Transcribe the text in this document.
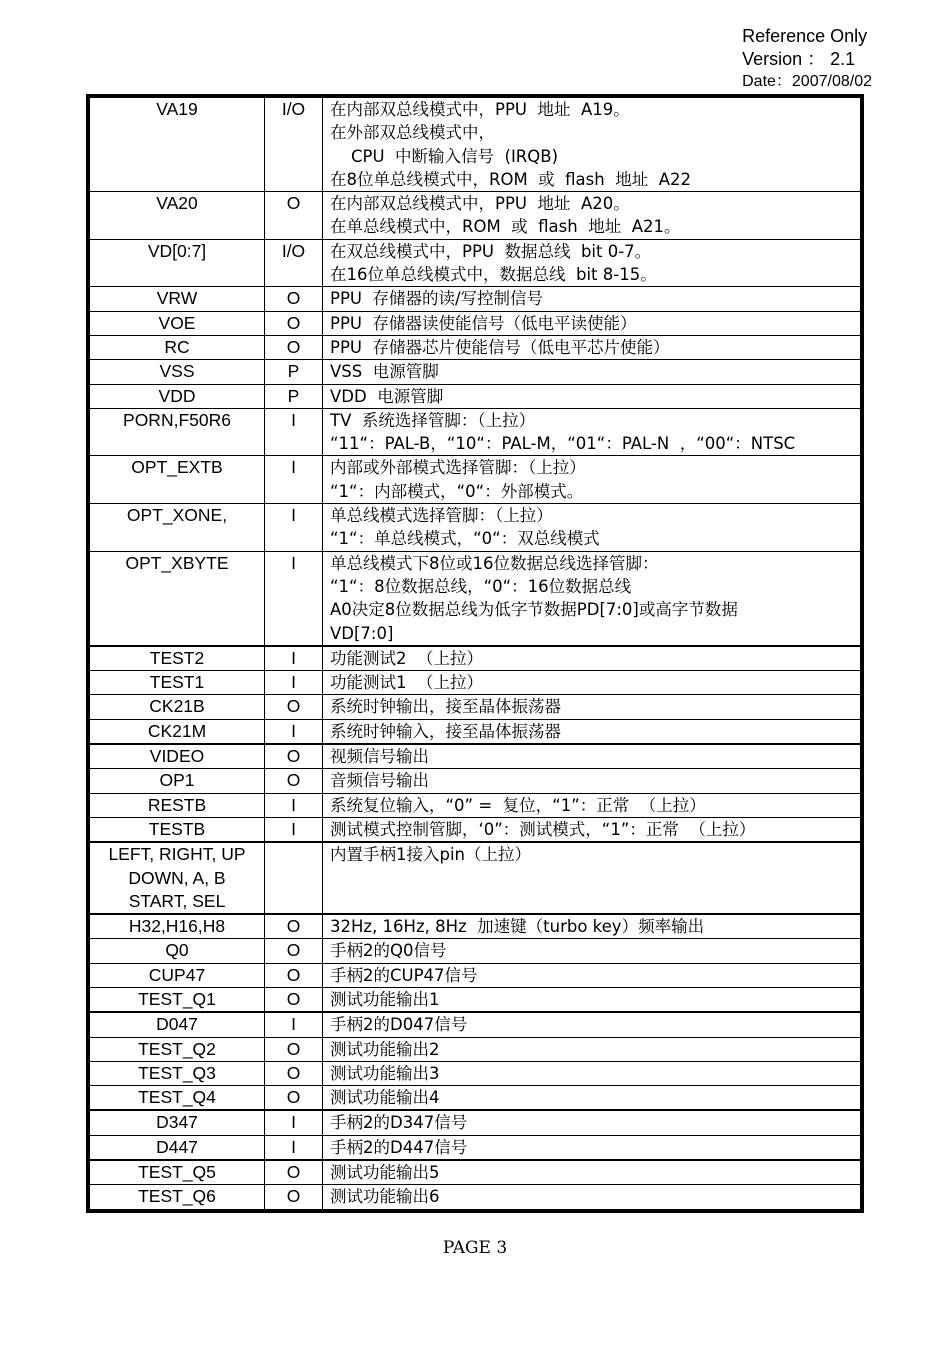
Reference Only
Version ： 2.1
Date：2007/08/02
VA19	I/O	在内部双总线模式中，PPU  地址  A19。
在外部双总线模式中，
CPU  中断输入信号  (IRQB)
在8位单总线模式中，ROM  或  flash  地址  A22

VA20	O	在内部双总线模式中，PPU  地址  A20。
在单总线模式中，ROM  或  flash  地址  A21。

VD[0:7]	I/O	在双总线模式中，PPU  数据总线  bit 0-7。
在16位单总线模式中，数据总线  bit 8-15。

VRW	O	PPU  存储器的读/写控制信号

VOE	O	PPU  存储器读使能信号（低电平读使能）

RC	O	PPU  存储器芯片使能信号（低电平芯片使能）

VSS	P	VSS  电源管脚

VDD	P	VDD  电源管脚

PORN,F50R6	I	TV  系统选择管脚：（上拉）
“11“：PAL-B，“10“：PAL-M，“01“：PAL-N  ，“00“：NTSC

OPT_EXTB	I	内部或外部模式选择管脚：（上拉）
“1“：内部模式，“0“：外部模式。

OPT_XONE,	I	单总线模式选择管脚：（上拉）
“1“：单总线模式，“0“：双总线模式

OPT_XBYTE	I	单总线模式下8位或16位数据总线选择管脚：
“1“：8位数据总线，“0“：16位数据总线
A0决定8位数据总线为低字节数据PD[7:0]或高字节数据
VD[7:0]

TEST2	I	功能测试2  （上拉）

TEST1	I	功能测试1  （上拉）

CK21B	O	系统时钟输出，接至晶体振荡器

CK21M	I	系统时钟输入，接至晶体振荡器

VIDEO	O	视频信号输出

OP1	O	音频信号输出

RESTB	I	系统复位输入，“0” =  复位，“1”：正常  （上拉）

TESTB	I	测试模式控制管脚，‘0”：测试模式，“1”：正常  （上拉）

LEFT, RIGHT, UP
DOWN, A, B
START, SEL		内置手柄1接入pin（上拉）

H32,H16,H8	O	32Hz, 16Hz, 8Hz  加速键（turbo key）频率输出

Q0	O	手柄2的Q0信号

CUP47	O	手柄2的CUP47信号

TEST_Q1	O	测试功能输出1

D047	I	手柄2的D047信号

TEST_Q2	O	测试功能输出2

TEST_Q3	O	测试功能输出3

TEST_Q4	O	测试功能输出4

D347	I	手柄2的D347信号

D447	I	手柄2的D447信号

TEST_Q5	O	测试功能输出5

TEST_Q6	O	测试功能输出6
PAGE 3
